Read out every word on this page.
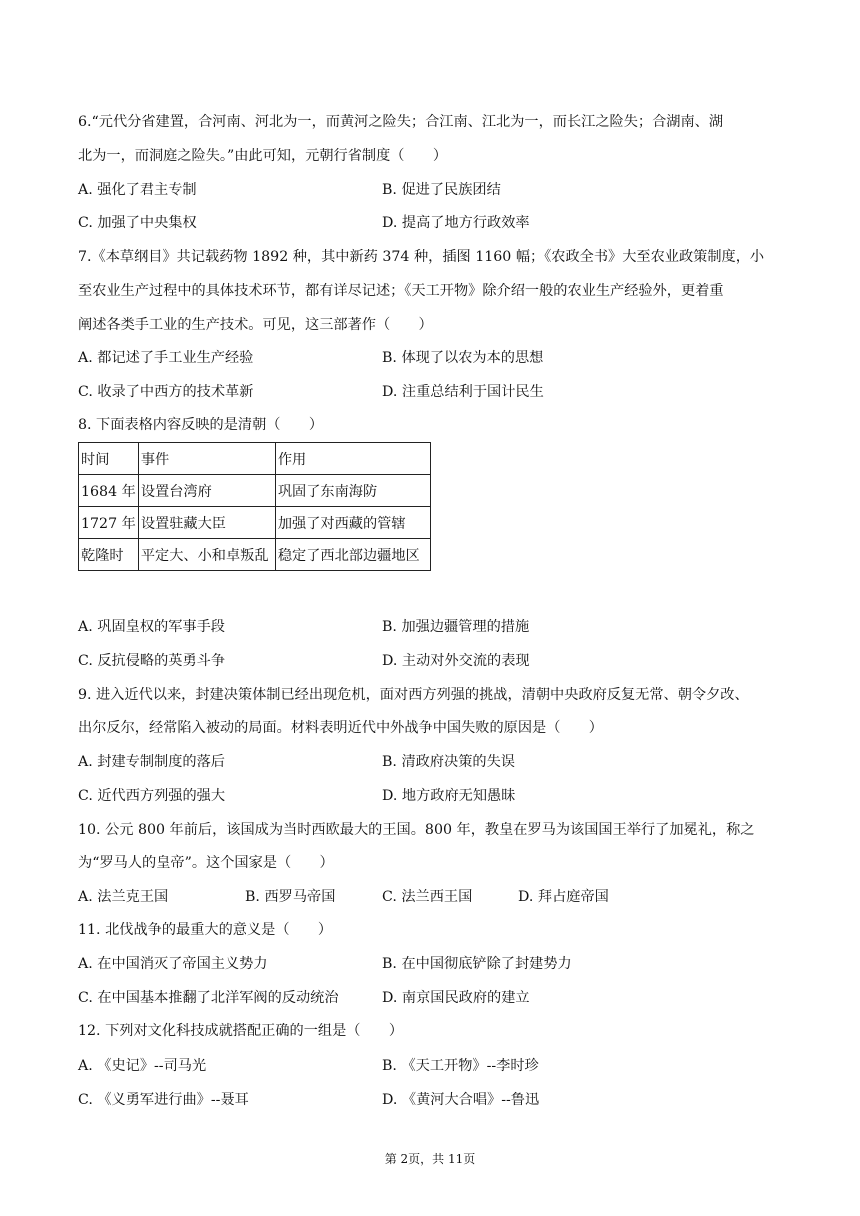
6.“元代分省建置，合河南、河北为一，而黄河之险失；合江南、江北为一，而长江之险失；合湖南、湖
北为一，而洞庭之险失。”由此可知，元朝行省制度（　　）
A. 强化了君主专制	B. 促进了民族团结
C. 加强了中央集权	D. 提高了地方行政效率
7.《本草纲目》共记载药物 1892 种，其中新药 374 种，插图 1160 幅；《农政全书》大至农业政策制度，小
至农业生产过程中的具体技术环节，都有详尽记述；《天工开物》除介绍一般的农业生产经验外，更着重
阐述各类手工业的生产技术。可见，这三部著作（　　）
A. 都记述了手工业生产经验	B. 体现了以农为本的思想
C. 收录了中西方的技术革新	D. 注重总结利于国计民生
8. 下面表格内容反映的是清朝（　　）
时间	事件	作用
1684 年	设置台湾府	巩固了东南海防
1727 年	设置驻藏大臣	加强了对西藏的管辖
乾隆时	平定大、小和卓叛乱	稳定了西北部边疆地区
A. 巩固皇权的军事手段	B. 加强边疆管理的措施
C. 反抗侵略的英勇斗争	D. 主动对外交流的表现
9. 进入近代以来，封建决策体制已经出现危机，面对西方列强的挑战，清朝中央政府反复无常、朝令夕改、
出尔反尔，经常陷入被动的局面。材料表明近代中外战争中国失败的原因是（　　）
A. 封建专制制度的落后	B. 清政府决策的失误
C. 近代西方列强的强大	D. 地方政府无知愚昧
10. 公元 800 年前后，该国成为当时西欧最大的王国。800 年，教皇在罗马为该国国王举行了加冕礼，称之
为“罗马人的皇帝”。这个国家是（　　）
A. 法兰克王国	B. 西罗马帝国	C. 法兰西王国	D. 拜占庭帝国
11. 北伐战争的最重大的意义是（　　）
A. 在中国消灭了帝国主义势力	B. 在中国彻底铲除了封建势力
C. 在中国基本推翻了北洋军阀的反动统治	D. 南京国民政府的建立
12. 下列对文化科技成就搭配正确的一组是（　　）
A. 《史记》--司马光	B. 《天工开物》--李时珍
C. 《义勇军进行曲》--聂耳	D. 《黄河大合唱》--鲁迅
第 2页，共 11页
